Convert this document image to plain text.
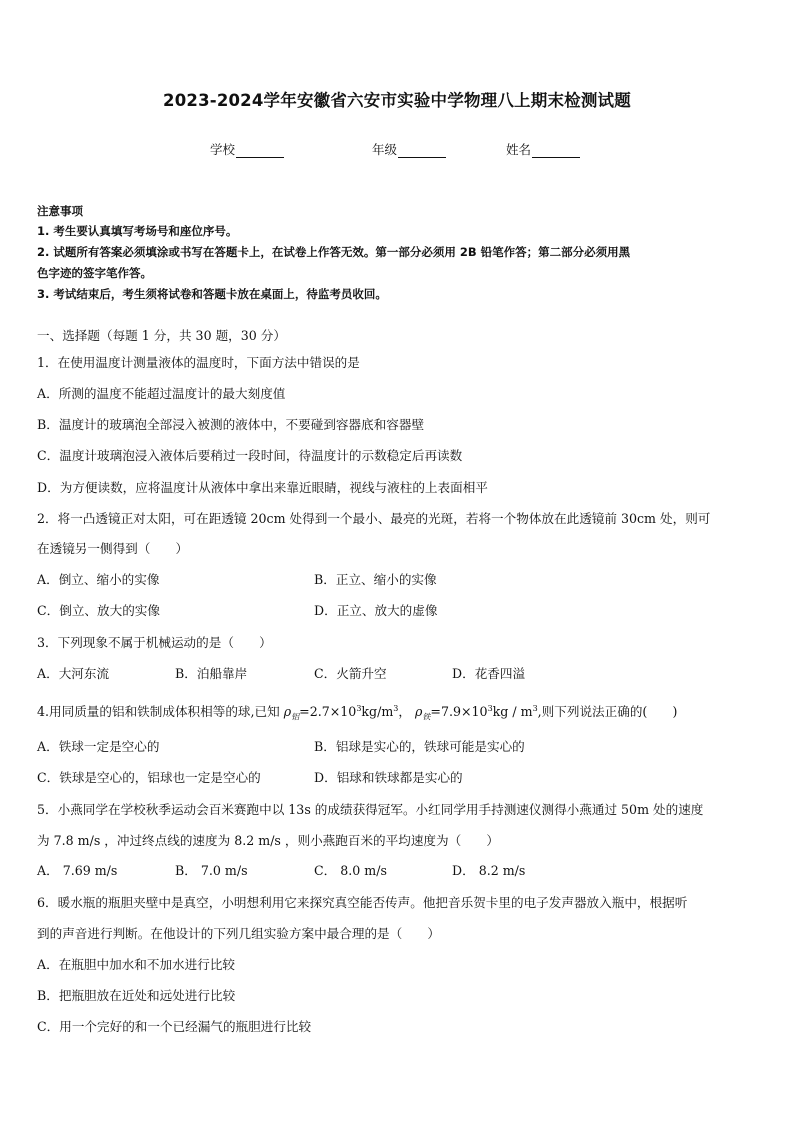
2023-2024学年安徽省六安市实验中学物理八上期末检测试题
学校	年级	姓名
注意事项
1. 考生要认真填写考场号和座位序号。
2. 试题所有答案必须填涂或书写在答题卡上，在试卷上作答无效。第一部分必须用 2B 铅笔作答；第二部分必须用黑
色字迹的签字笔作答。
3. 考试结束后，考生须将试卷和答题卡放在桌面上，待监考员收回。
一、选择题（每题 1 分，共 30 题，30 分）
1．在使用温度计测量液体的温度时，下面方法中错误的是
A．所测的温度不能超过温度计的最大刻度值
B．温度计的玻璃泡全部浸入被测的液体中，不要碰到容器底和容器壁
C．温度计玻璃泡浸入液体后要稍过一段时间，待温度计的示数稳定后再读数
D．为方便读数，应将温度计从液体中拿出来靠近眼睛，视线与液柱的上表面相平
2．将一凸透镜正对太阳，可在距透镜 20cm 处得到一个最小、最亮的光斑，若将一个物体放在此透镜前 30cm 处，则可
在透镜另一侧得到（　　）
A．倒立、缩小的实像	B．正立、缩小的实像
C．倒立、放大的实像	D．正立、放大的虚像
3．下列现象不属于机械运动的是（　　）
A．大河东流	B．泊船靠岸	C．火箭升空	D．花香四溢
4.用同质量的铝和铁制成体积相等的球,已知 $\rho_铝=2.7\times 10^3kg/m^3$， $\rho_铁=7.9\times 10^3kg / m^3$,则下列说法正确的(　　)
A．铁球一定是空心的	B．铝球是实心的，铁球可能是实心的
C．铁球是空心的，铝球也一定是空心的	D．铝球和铁球都是实心的
5．小燕同学在学校秋季运动会百米赛跑中以 13s 的成绩获得冠军。小红同学用手持测速仪测得小燕通过 50m 处的速度
为 7.8 m/s ，冲过终点线的速度为 8.2 m/s ，则小燕跑百米的平均速度为（　　）
A． 7.69 m/s	B． 7.0 m/s	C． 8.0 m/s	D． 8.2 m/s
6．暖水瓶的瓶胆夹壁中是真空，小明想利用它来探究真空能否传声。他把音乐贺卡里的电子发声器放入瓶中，根据听
到的声音进行判断。在他设计的下列几组实验方案中最合理的是（　　）
A．在瓶胆中加水和不加水进行比较
B．把瓶胆放在近处和远处进行比较
C．用一个完好的和一个已经漏气的瓶胆进行比较
